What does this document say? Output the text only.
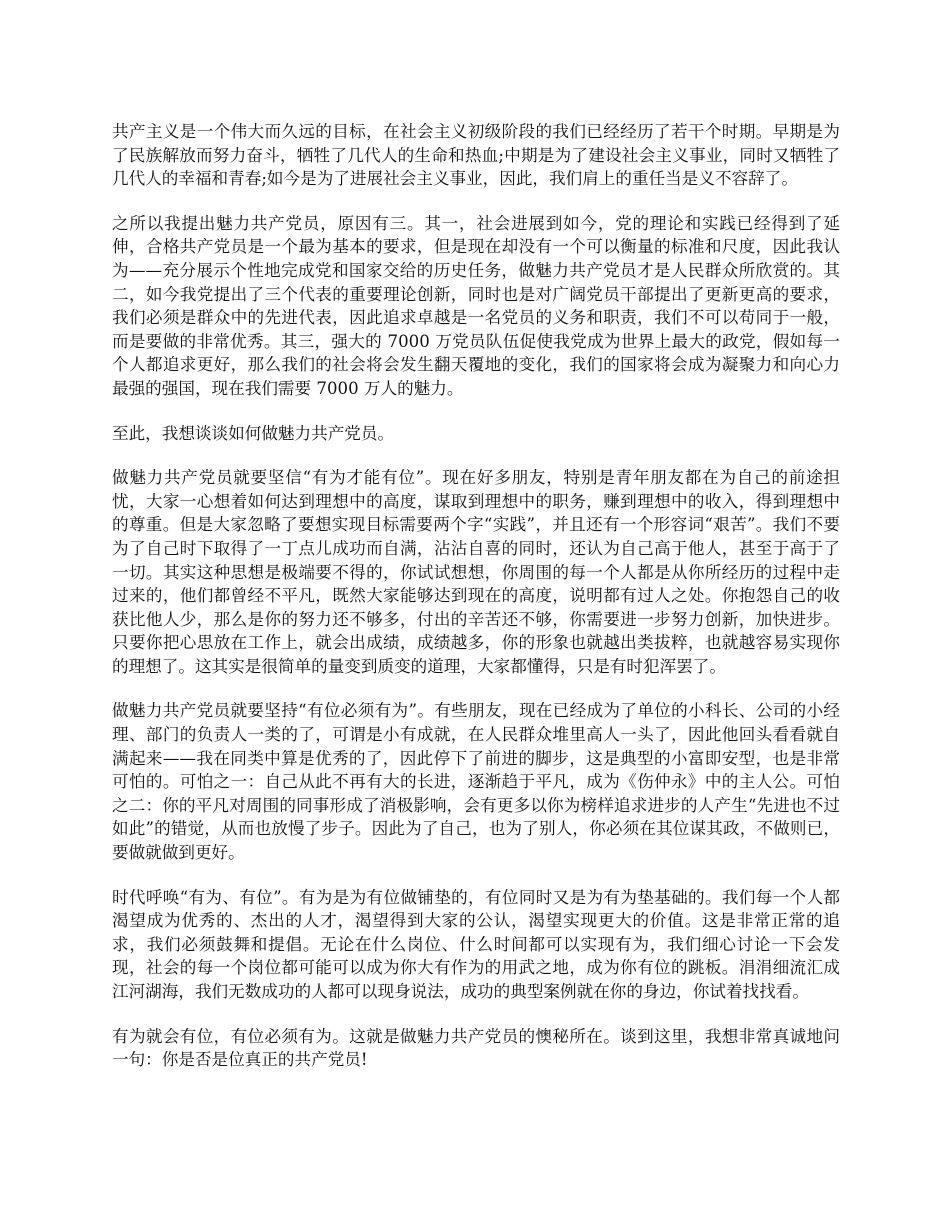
共产主义是一个伟大而久远的目标，在社会主义初级阶段的我们已经经历了若干个时期。早期是为了民族解放而努力奋斗，牺牲了几代人的生命和热血;中期是为了建设社会主义事业，同时又牺牲了几代人的幸福和青春;如今是为了进展社会主义事业，因此，我们肩上的重任当是义不容辞了。

之所以我提出魅力共产党员，原因有三。其一，社会进展到如今，党的理论和实践已经得到了延伸，合格共产党员是一个最为基本的要求，但是现在却没有一个可以衡量的标准和尺度，因此我认为——充分展示个性地完成党和国家交给的历史任务，做魅力共产党员才是人民群众所欣赏的。其二，如今我党提出了三个代表的重要理论创新，同时也是对广阔党员干部提出了更新更高的要求，我们必须是群众中的先进代表，因此追求卓越是一名党员的义务和职责，我们不可以苟同于一般，而是要做的非常优秀。其三，强大的 7000 万党员队伍促使我党成为世界上最大的政党，假如每一个人都追求更好，那么我们的社会将会发生翻天覆地的变化，我们的国家将会成为凝聚力和向心力最强的强国，现在我们需要 7000 万人的魅力。

至此，我想谈谈如何做魅力共产党员。

做魅力共产党员就要坚信“有为才能有位”。现在好多朋友，特别是青年朋友都在为自己的前途担忧，大家一心想着如何达到理想中的高度，谋取到理想中的职务，赚到理想中的收入，得到理想中的尊重。但是大家忽略了要想实现目标需要两个字“实践”，并且还有一个形容词“艰苦”。我们不要为了自己时下取得了一丁点儿成功而自满，沾沾自喜的同时，还认为自己高于他人，甚至于高于了一切。其实这种思想是极端要不得的，你试试想想，你周围的每一个人都是从你所经历的过程中走过来的，他们都曾经不平凡，既然大家能够达到现在的高度，说明都有过人之处。你抱怨自己的收获比他人少，那么是你的努力还不够多，付出的辛苦还不够，你需要进一步努力创新，加快进步。只要你把心思放在工作上，就会出成绩，成绩越多，你的形象也就越出类拔粹，也就越容易实现你的理想了。这其实是很简单的量变到质变的道理，大家都懂得，只是有时犯浑罢了。

做魅力共产党员就要坚持“有位必须有为”。有些朋友，现在已经成为了单位的小科长、公司的小经理、部门的负责人一类的了，可谓是小有成就，在人民群众堆里高人一头了，因此他回头看看就自满起来——我在同类中算是优秀的了，因此停下了前进的脚步，这是典型的小富即安型，也是非常可怕的。可怕之一：自己从此不再有大的长进，逐渐趋于平凡，成为《伤仲永》中的主人公。可怕之二：你的平凡对周围的同事形成了消极影响，会有更多以你为榜样追求进步的人产生“先进也不过如此”的错觉，从而也放慢了步子。因此为了自己，也为了别人，你必须在其位谋其政，不做则已，要做就做到更好。

时代呼唤“有为、有位”。有为是为有位做铺垫的，有位同时又是为有为垫基础的。我们每一个人都渴望成为优秀的、杰出的人才，渴望得到大家的公认，渴望实现更大的价值。这是非常正常的追求，我们必须鼓舞和提倡。无论在什么岗位、什么时间都可以实现有为，我们细心讨论一下会发现，社会的每一个岗位都可能可以成为你大有作为的用武之地，成为你有位的跳板。涓涓细流汇成江河湖海，我们无数成功的人都可以现身说法，成功的典型案例就在你的身边，你试着找找看。

有为就会有位，有位必须有为。这就是做魅力共产党员的懊秘所在。谈到这里，我想非常真诚地问一句：你是否是位真正的共产党员!
